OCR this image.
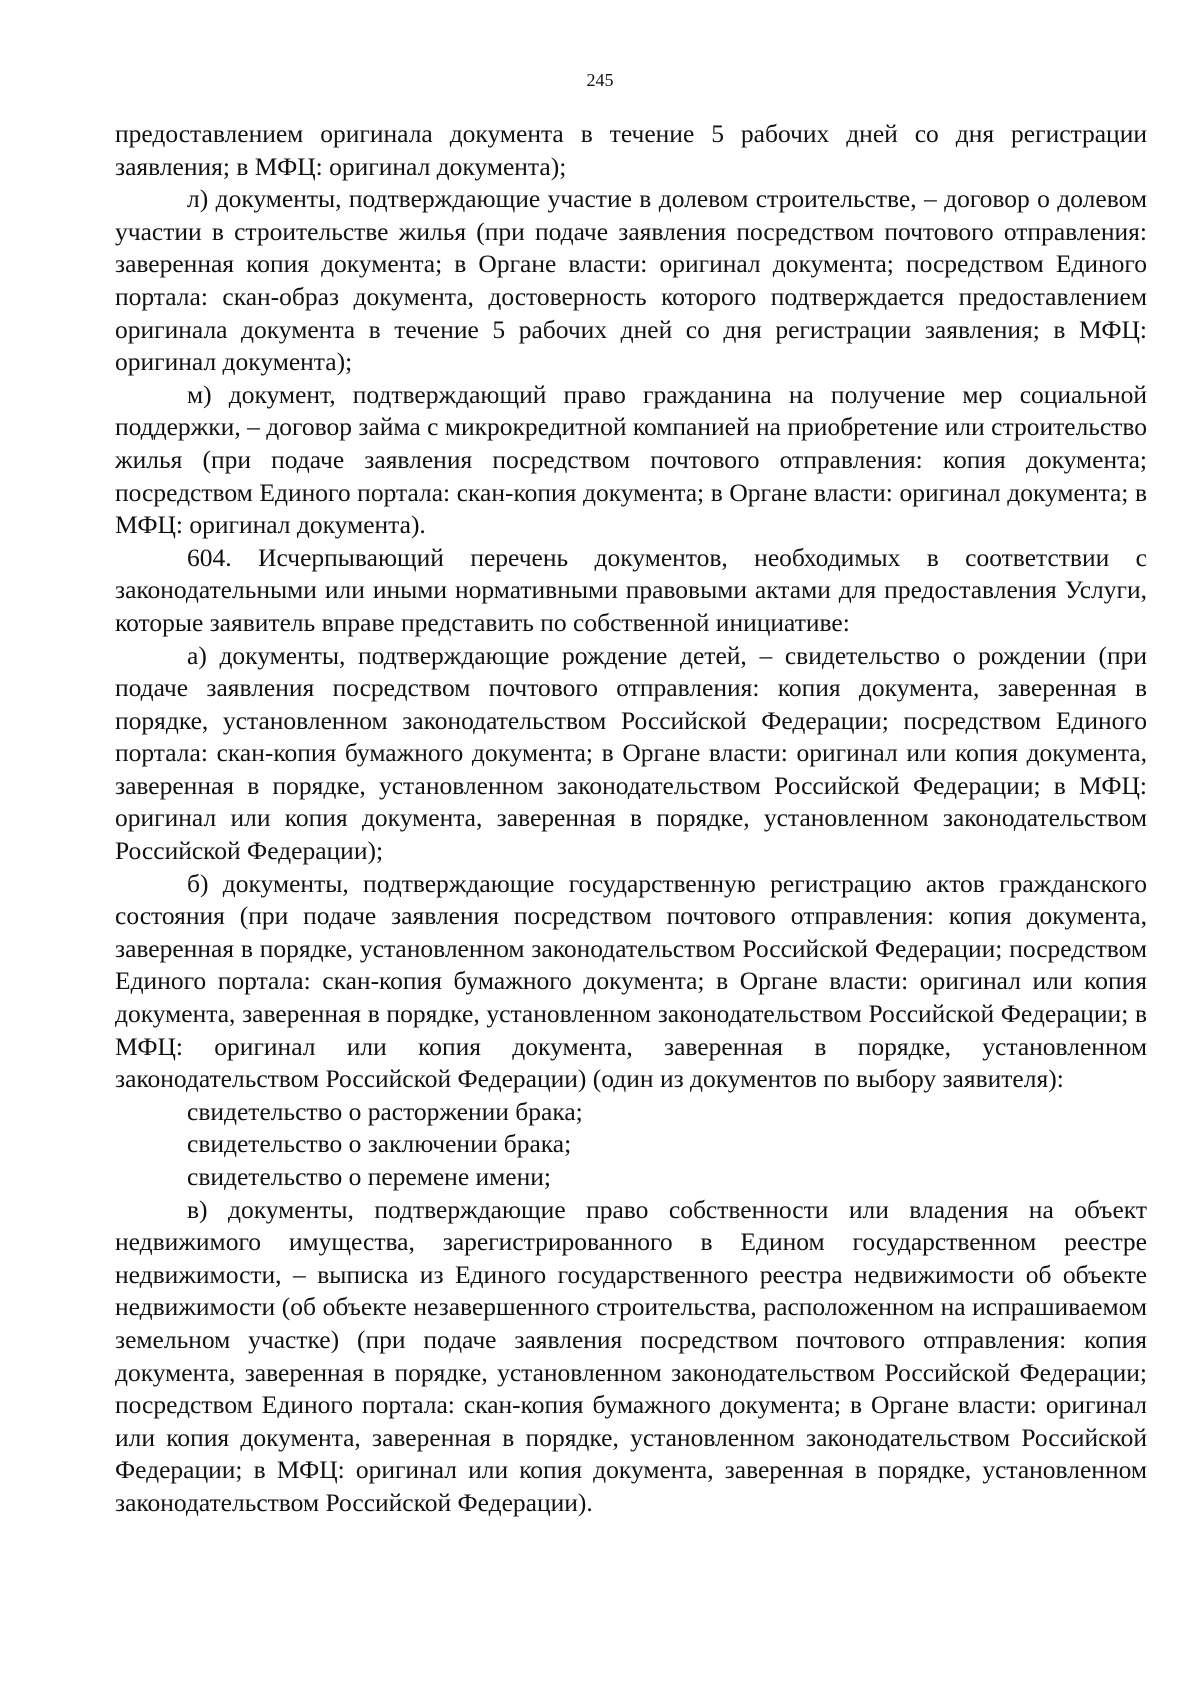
245

предоставлением оригинала документа в течение 5 рабочих дней со дня регистрации заявления; в МФЦ: оригинал документа);

л) документы, подтверждающие участие в долевом строительстве, – договор о долевом участии в строительстве жилья (при подаче заявления посредством почтового отправления: заверенная копия документа; в Органе власти: оригинал документа; посредством Единого портала: скан-образ документа, достоверность которого подтверждается предоставлением оригинала документа в течение 5 рабочих дней со дня регистрации заявления; в МФЦ: оригинал документа);

м) документ, подтверждающий право гражданина на получение мер социальной поддержки, – договор займа с микрокредитной компанией на приобретение или строительство жилья (при подаче заявления посредством почтового отправления: копия документа; посредством Единого портала: скан-копия документа; в Органе власти: оригинал документа; в МФЦ: оригинал документа).

604. Исчерпывающий перечень документов, необходимых в соответствии с законодательными или иными нормативными правовыми актами для предоставления Услуги, которые заявитель вправе представить по собственной инициативе:

а) документы, подтверждающие рождение детей, – свидетельство о рождении (при подаче заявления посредством почтового отправления: копия документа, заверенная в порядке, установленном законодательством Российской Федерации; посредством Единого портала: скан-копия бумажного документа; в Органе власти: оригинал или копия документа, заверенная в порядке, установленном законодательством Российской Федерации; в МФЦ: оригинал или копия документа, заверенная в порядке, установленном законодательством Российской Федерации);

б) документы, подтверждающие государственную регистрацию актов гражданского состояния (при подаче заявления посредством почтового отправления: копия документа, заверенная в порядке, установленном законодательством Российской Федерации; посредством Единого портала: скан-копия бумажного документа; в Органе власти: оригинал или копия документа, заверенная в порядке, установленном законодательством Российской Федерации; в МФЦ: оригинал или копия документа, заверенная в порядке, установленном законодательством Российской Федерации) (один из документов по выбору заявителя):

свидетельство о расторжении брака;

свидетельство о заключении брака;

свидетельство о перемене имени;

в) документы, подтверждающие право собственности или владения на объект недвижимого имущества, зарегистрированного в Едином государственном реестре недвижимости, – выписка из Единого государственного реестра недвижимости об объекте недвижимости (об объекте незавершенного строительства, расположенном на испрашиваемом земельном участке) (при подаче заявления посредством почтового отправления: копия документа, заверенная в порядке, установленном законодательством Российской Федерации; посредством Единого портала: скан-копия бумажного документа; в Органе власти: оригинал или копия документа, заверенная в порядке, установленном законодательством Российской Федерации; в МФЦ: оригинал или копия документа, заверенная в порядке, установленном законодательством Российской Федерации).
